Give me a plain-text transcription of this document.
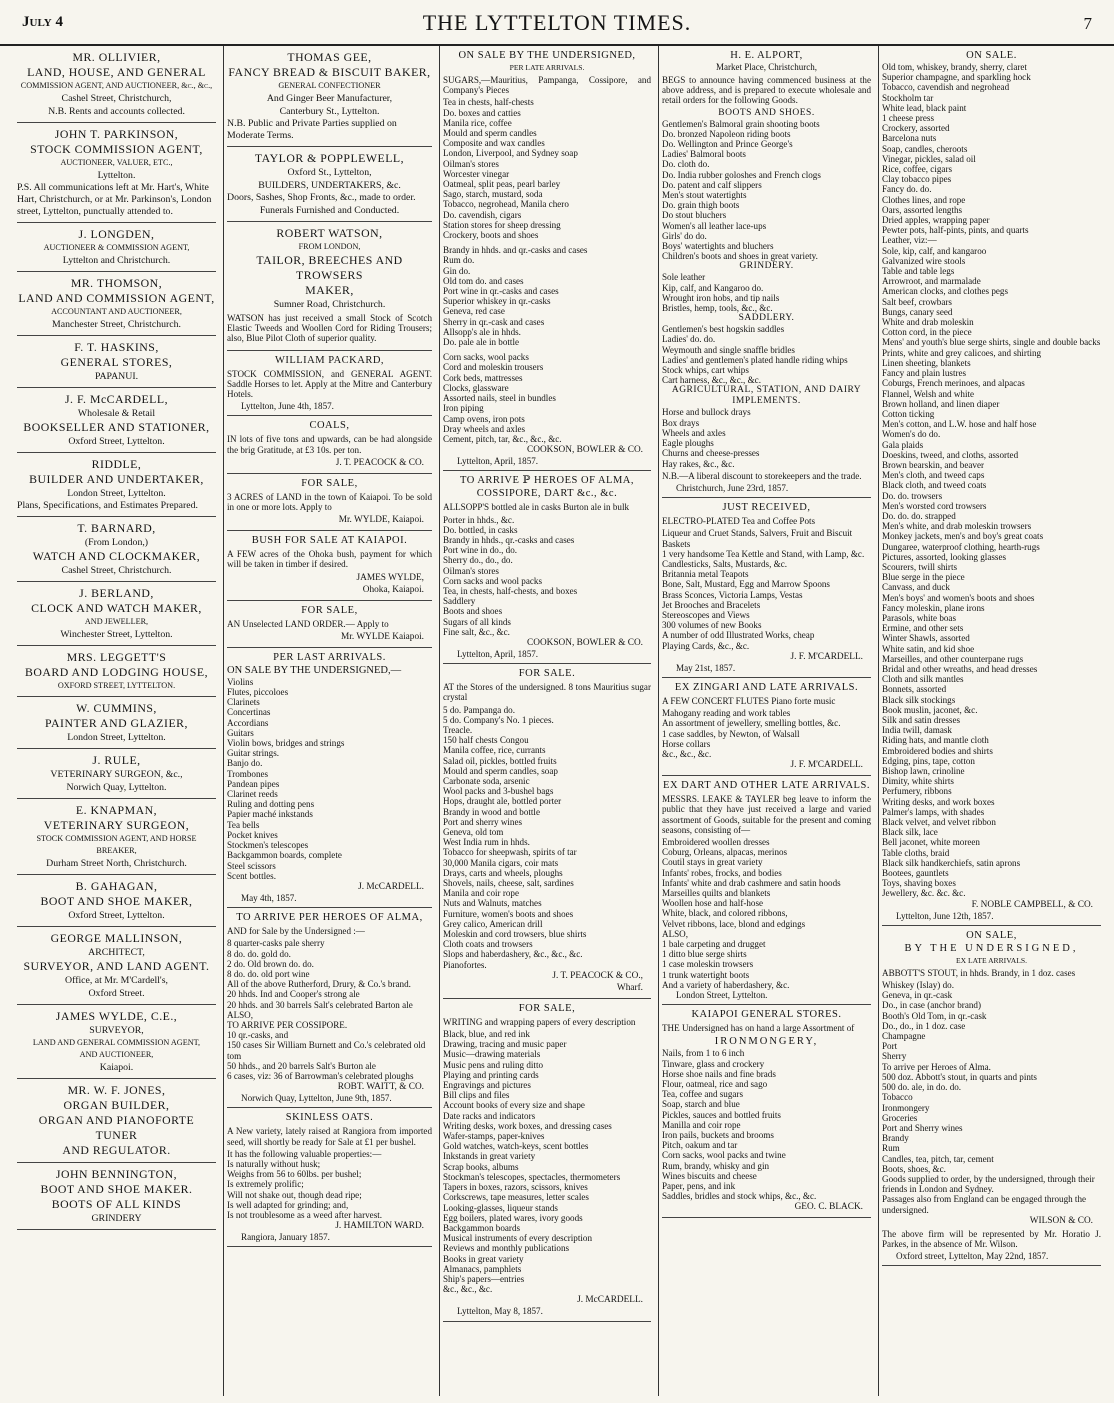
July 4	THE LYTTELTON TIMES.	7
MR. OLLIVIER,
LAND, HOUSE, AND GENERAL
COMMISSION AGENT, AND AUCTIONEER, &c., &c.,
Cashel Street, Christchurch,
N.B. Rents and accounts collected.
JOHN T. PARKINSON,
STOCK COMMISSION AGENT,
AUCTIONEER, VALUER, ETC.,
Lyttelton.
P.S. All communications left at Mr. Hart's, White Hart, Christchurch, or at Mr. Parkinson's, London street, Lyttelton, punctually attended to.
J. LONGDEN,
AUCTIONEER & COMMISSION AGENT,
Lyttelton and Christchurch.
MR. THOMSON,
LAND AND COMMISSION AGENT,
ACCOUNTANT AND AUCTIONEER,
Manchester Street, Christchurch.
F. T. HASKINS,
GENERAL STORES,
PAPANUI.
J. F. McCARDELL,
Wholesale & Retail
BOOKSELLER AND STATIONER,
Oxford Street, Lyttelton.
RIDDLE,
BUILDER AND UNDERTAKER,
London Street, Lyttelton.
Plans, Specifications, and Estimates Prepared.
T. BARNARD,
(From London,)
WATCH AND CLOCKMAKER,
Cashel Street, Christchurch.
J. BERLAND,
CLOCK AND WATCH MAKER,
AND JEWELLER,
Winchester Street, Lyttelton.
MRS. LEGGETT'S
BOARD AND LODGING HOUSE,
OXFORD STREET, LYTTELTON.
W. CUMMINS,
PAINTER AND GLAZIER,
London Street, Lyttelton.
J. RULE,
VETERINARY SURGEON, &c.,
Norwich Quay, Lyttelton.
E. KNAPMAN,
VETERINARY SURGEON,
STOCK COMMISSION AGENT, AND HORSE
BREAKER,
Durham Street North, Christchurch.
B. GAHAGAN,
BOOT AND SHOE MAKER,
Oxford Street, Lyttelton.
GEORGE MALLINSON,
ARCHITECT,
SURVEYOR, AND LAND AGENT.
Office, at Mr. M'Cardell's,
Oxford Street.
JAMES WYLDE, C.E.,
SURVEYOR,
LAND AND GENERAL COMMISSION AGENT,
AND AUCTIONEER,
Kaiapoi.
MR. W. F. JONES,
ORGAN BUILDER,
ORGAN AND PIANOFORTE TUNER
AND REGULATOR.
JOHN BENNINGTON,
BOOT AND SHOE MAKER.
BOOTS OF ALL KINDS
GRINDERY
THOMAS GEE,
FANCY BREAD & BISCUIT BAKER,
GENERAL CONFECTIONER
And Ginger Beer Manufacturer,
Canterbury St., Lyttelton.
N.B. Public and Private Parties supplied on Moderate Terms.
TAYLOR & POPPLEWELL,
Oxford St., Lyttelton,
BUILDERS, UNDERTAKERS, &c.
Doors, Sashes, Shop Fronts, &c., made to order.
Funerals Furnished and Conducted.
ROBERT WATSON,
FROM LONDON,
TAILOR, BREECHES AND TROWSERS
MAKER,
Sumner Road, Christchurch.

WATSON has just received a small Stock of Scotch Elastic Tweeds and Woollen Cord for Riding Trousers; also, Blue Pilot Cloth of superior quality.

WILLIAM PACKARD,

STOCK COMMISSION, and GENERAL AGENT. Saddle Horses to let. Apply at the Mitre and Canterbury Hotels.

Lyttelton, June 4th, 1857.

COALS,

IN lots of five tons and upwards, can be had alongside the brig Gratitude, at £3 10s. per ton.

J. T. PEACOCK & CO.
FOR SALE,

3 ACRES of LAND in the town of Kaiapoi. To be sold in one or more lots. Apply to

Mr. WYLDE, Kaiapoi.
BUSH FOR SALE AT KAIAPOI.

A FEW acres of the Ohoka bush, payment for which will be taken in timber if desired.

JAMES WYLDE,
Ohoka, Kaiapoi.
FOR SALE,

AN Unselected LAND ORDER.— Apply to

Mr. WYLDE Kaiapoi.
PER LAST ARRIVALS.

ON SALE BY THE UNDERSIGNED,—

Violins

Flutes, piccoloes

Clarinets

Concertinas

Accordians

Guitars

Violin bows, bridges and strings

Guitar strings.

Banjo do.

Trombones

Pandean pipes

Clarinet reeds

Ruling and dotting pens

Papier maché inkstands

Tea bells

Pocket knives

Stockmen's telescopes

Backgammon boards, complete

Steel scissors

Scent bottles.

J. McCARDELL.

May 4th, 1857.

TO ARRIVE PER HEROES OF ALMA,

AND for Sale by the Undersigned :—

8 quarter-casks pale sherry

8 do. do. gold do.

2 do. Old brown do. do.

8 do. do. old port wine

All of the above Rutherford, Drury, & Co.'s brand.

20 hhds. Ind and Cooper's strong ale

20 hhds. and 30 barrels Salt's celebrated Barton ale

ALSO,

TO ARRIVE PER COSSIPORE.

10 qr.-casks, and

150 cases Sir William Burnett and Co.'s celebrated old tom

50 hhds., and 20 barrels Salt's Burton ale

6 cases, viz: 36 of Barrowman's celebrated ploughs

ROBT. WAITT, & CO.

Norwich Quay, Lyttelton, June 9th, 1857.

SKINLESS OATS.

A New variety, lately raised at Rangiora from imported seed, will shortly be ready for Sale at £1 per bushel.

It has the following valuable properties:—

Is naturally without husk;

Weighs from 56 to 60lbs. per bushel;

Is extremely prolific;

Will not shake out, though dead ripe;

Is well adapted for grinding; and,

Is not troublesome as a weed after harvest.

J. HAMILTON WARD.

Rangiora, January 1857.

ON SALE BY THE UNDERSIGNED,
PER LATE ARRIVALS.

SUGARS,—Mauritius, Pampanga, Cossipore, and Company's Pieces

Tea in chests, half-chests

Do. boxes and catties

Manila rice, coffee

Mould and sperm candles

Composite and wax candles

London, Liverpool, and Sydney soap

Oilman's stores

Worcester vinegar

Oatmeal, split peas, pearl barley

Sago, starch, mustard, soda

Tobacco, negrohead, Manila chero

Do. cavendish, cigars

Station stores for sheep dressing

Crockery, boots and shoes

Brandy in hhds. and qr.-casks and cases

Rum do.

Gin do.

Old tom do. and cases

Port wine in qr.-casks and cases

Superior whiskey in qr.-casks

Geneva, red case

Sherry in qr.-cask and cases

Allsopp's ale in hhds.

Do. pale ale in bottle

Corn sacks, wool packs

Cord and moleskin trousers

Cork beds, mattresses

Clocks, glassware

Assorted nails, steel in bundles

Iron piping

Camp ovens, iron pots

Dray wheels and axles

Cement, pitch, tar, &c., &c., &c.

COOKSON, BOWLER & CO.

Lyttelton, April, 1857.

TO ARRIVE ℙ HEROES OF ALMA, COSSIPORE, DART &c., &c.

ALLSOPP'S bottled ale in casks Burton ale in bulk

Porter in hhds., &c.

Do. bottled, in casks

Brandy in hhds., qr.-casks and cases

Port wine in do., do.

Sherry do., do., do.

Oilman's stores

Corn sacks and wool packs

Tea, in chests, half-chests, and boxes

Saddlery

Boots and shoes

Sugars of all kinds

Fine salt, &c., &c.

COOKSON, BOWLER & CO.

Lyttelton, April, 1857.

FOR SALE.

AT the Stores of the undersigned. 8 tons Mauritius sugar crystal

5 do. Pampanga do.

5 do. Company's No. 1 pieces.

Treacle.

150 half chests Congou

Manila coffee, rice, currants

Salad oil, pickles, bottled fruits

Mould and sperm candles, soap

Carbonate soda, arsenic

Wool packs and 3-bushel bags

Hops, draught ale, bottled porter

Brandy in wood and bottle

Port and sherry wines

Geneva, old tom

West India rum in hhds.

Tobacco for sheepwash, spirits of tar

30,000 Manila cigars, coir mats

Drays, carts and wheels, ploughs

Shovels, nails, cheese, salt, sardines

Manila and coir rope

Nuts and Walnuts, matches

Furniture, women's boots and shoes

Grey calico, American drill

Moleskin and cord trowsers, blue shirts

Cloth coats and trowsers

Slops and haberdashery, &c., &c., &c.

Pianofortes.

J. T. PEACOCK & CO.,
Wharf.
FOR SALE,

WRITING and wrapping papers of every description

Black, blue, and red ink

Drawing, tracing and music paper

Music—drawing materials

Music pens and ruling ditto

Playing and printing cards

Engravings and pictures

Bill clips and files

Account books of every size and shape

Date racks and indicators

Writing desks, work boxes, and dressing cases

Wafer-stamps, paper-knives

Gold watches, watch-keys, scent bottles

Inkstands in great variety

Scrap books, albums

Stockman's telescopes, spectacles, thermometers

Tapers in boxes, razors, scissors, knives

Corkscrews, tape measures, letter scales

Looking-glasses, liqueur stands

Egg boilers, plated wares, ivory goods

Backgammon boards

Musical instruments of every description

Reviews and monthly publications

Books in great variety

Almanacs, pamphlets

Ship's papers—entries

&c., &c., &c.

J. McCARDELL.

Lyttelton, May 8, 1857.

H. E. ALPORT,
Market Place, Christchurch,

BEGS to announce having commenced business at the above address, and is prepared to execute wholesale and retail orders for the following Goods.

BOOTS AND SHOES.

Gentlemen's Balmoral grain shooting boots

Do. bronzed Napoleon riding boots

Do. Wellington and Prince George's

Ladies' Balmoral boots

Do. cloth do.

Do. India rubber goloshes and French clogs

Do. patent and calf slippers

Men's stout watertights

Do. grain thigh boots

Do stout bluchers

Women's all leather lace-ups

Girls' do do.

Boys' watertights and bluchers

Children's boots and shoes in great variety.

GRINDERY.

Sole leather

Kip, calf, and Kangaroo do.

Wrought iron hobs, and tip nails

Bristles, hemp, tools, &c., &c.

SADDLERY.

Gentlemen's best hogskin saddles

Ladies' do. do.

Weymouth and single snaffle bridles

Ladies' and gentlemen's plated handle riding whips

Stock whips, cart whips

Cart harness, &c., &c., &c.

AGRICULTURAL, STATION, AND DAIRY IMPLEMENTS.

Horse and bullock drays

Box drays

Wheels and axles

Eagle ploughs

Churns and cheese-presses

Hay rakes, &c., &c.

N.B.—A liberal discount to storekeepers and the trade.

Christchurch, June 23rd, 1857.

JUST RECEIVED,

ELECTRO-PLATED Tea and Coffee Pots

Liqueur and Cruet Stands, Salvers, Fruit and Biscuit Baskets

1 very handsome Tea Kettle and Stand, with Lamp, &c.

Candlesticks, Salts, Mustards, &c.

Britannia metal Teapots

Bone, Salt, Mustard, Egg and Marrow Spoons

Brass Sconces, Victoria Lamps, Vestas

Jet Brooches and Bracelets

Stereoscopes and Views

300 volumes of new Books

A number of odd Illustrated Works, cheap

Playing Cards, &c., &c.

J. F. M'CARDELL.

May 21st, 1857.

EX ZINGARI AND LATE ARRIVALS.

A FEW CONCERT FLUTES Piano forte music

Mahogany reading and work tables

An assortment of jewellery, smelling bottles, &c.

1 case saddles, by Newton, of Walsall

Horse collars

&c., &c., &c.

J. F. M'CARDELL.
EX DART AND OTHER LATE ARRIVALS.

MESSRS. LEAKE & TAYLER beg leave to inform the public that they have just received a large and varied assortment of Goods, suitable for the present and coming seasons, consisting of—

Embroidered woollen dresses

Coburg, Orleans, alpacas, merinos

Coutil stays in great variety

Infants' robes, frocks, and bodies

Infants' white and drab cashmere and satin hoods

Marseilles quilts and blankets

Woollen hose and half-hose

White, black, and colored ribbons,

Velvet ribbons, lace, blond and edgings

ALSO,

1 bale carpeting and drugget

1 ditto blue serge shirts

1 case moleskin trowsers

1 trunk watertight boots

And a variety of haberdashery, &c.

London Street, Lyttelton.

KAIAPOI GENERAL STORES.

THE Undersigned has on hand a large Assortment of

IRONMONGERY,

Nails, from 1 to 6 inch

Tinware, glass and crockery

Horse shoe nails and fine brads

Flour, oatmeal, rice and sago

Tea, coffee and sugars

Soap, starch and blue

Pickles, sauces and bottled fruits

Manilla and coir rope

Iron pails, buckets and brooms

Pitch, oakum and tar

Corn sacks, wool packs and twine

Rum, brandy, whisky and gin

Wines biscuits and cheese

Paper, pens, and ink

Saddles, bridles and stock whips, &c., &c.

GEO. C. BLACK.
ON SALE.

Old tom, whiskey, brandy, sherry, claret

Superior champagne, and sparkling hock

Tobacco, cavendish and negrohead

Stockholm tar

White lead, black paint

1 cheese press

Crockery, assorted

Barcelona nuts

Soap, candles, cheroots

Vinegar, pickles, salad oil

Rice, coffee, cigars

Clay tobacco pipes

Fancy do. do.

Clothes lines, and rope

Oars, assorted lengths

Dried apples, wrapping paper

Pewter pots, half-pints, pints, and quarts

Leather, viz:—

Sole, kip, calf, and kangaroo

Galvanized wire stools

Table and table legs

Arrowroot, and marmalade

American clocks, and clothes pegs

Salt beef, crowbars

Bungs, canary seed

White and drab moleskin

Cotton cord, in the piece

Mens' and youth's blue serge shirts, single and double backs

Prints, white and grey calicoes, and shirting

Linen sheeting, blankets

Fancy and plain lustres

Coburgs, French merinoes, and alpacas

Flannel, Welsh and white

Brown holland, and linen diaper

Cotton ticking

Men's cotton, and L.W. hose and half hose

Women's do do.

Gala plaids

Doeskins, tweed, and cloths, assorted

Brown bearskin, and beaver

Men's cloth, and tweed caps

Black cloth, and tweed coats

Do. do. trowsers

Men's worsted cord trowsers

Do. do. do. strapped

Men's white, and drab moleskin trowsers

Monkey jackets, men's and boy's great coats

Dungaree, waterproof clothing, hearth-rugs

Pictures, assorted, looking glasses

Scourers, twill shirts

Blue serge in the piece

Canvass, and duck

Men's boys' and women's boots and shoes

Fancy moleskin, plane irons

Parasols, white boas

Ermine, and other sets

Winter Shawls, assorted

White satin, and kid shoe

Marseilles, and other counterpane rugs

Bridal and other wreaths, and head dresses

Cloth and silk mantles

Bonnets, assorted

Black silk stockings

Book muslin, jaconet, &c.

Silk and satin dresses

India twill, damask

Riding hats, and mantle cloth

Embroidered bodies and shirts

Edging, pins, tape, cotton

Bishop lawn, crinoline

Dimity, white shirts

Perfumery, ribbons

Writing desks, and work boxes

Palmer's lamps, with shades

Black velvet, and velvet ribbon

Black silk, lace

Bell jaconet, white moreen

Table cloths, braid

Black silk handkerchiefs, satin aprons

Bootees, gauntlets

Toys, shaving boxes

Jewellery, &c. &c. &c.

F. NOBLE CAMPBELL, & CO.

Lyttelton, June 12th, 1857.

ON SALE,
BY THE UNDERSIGNED,
EX LATE ARRIVALS.

ABBOTT'S STOUT, in hhds. Brandy, in 1 doz. cases

Whiskey (Islay) do.

Geneva, in qr.-cask

Do., in case (anchor brand)

Booth's Old Tom, in qr.-cask

Do., do., in 1 doz. case

Champagne

Port

Sherry

To arrive per Heroes of Alma.

500 doz. Abbott's stout, in quarts and pints

500 do. ale, in do. do.

Tobacco

Ironmongery

Groceries

Port and Sherry wines

Brandy

Rum

Candles, tea, pitch, tar, cement

Boots, shoes, &c.

Goods supplied to order, by the undersigned, through their friends in London and Sydney.

Passages also from England can be engaged through the undersigned.

WILSON & CO.

The above firm will be represented by Mr. Horatio J. Parkes, in the absence of Mr. Wilson.

Oxford street, Lyttelton, May 22nd, 1857.
